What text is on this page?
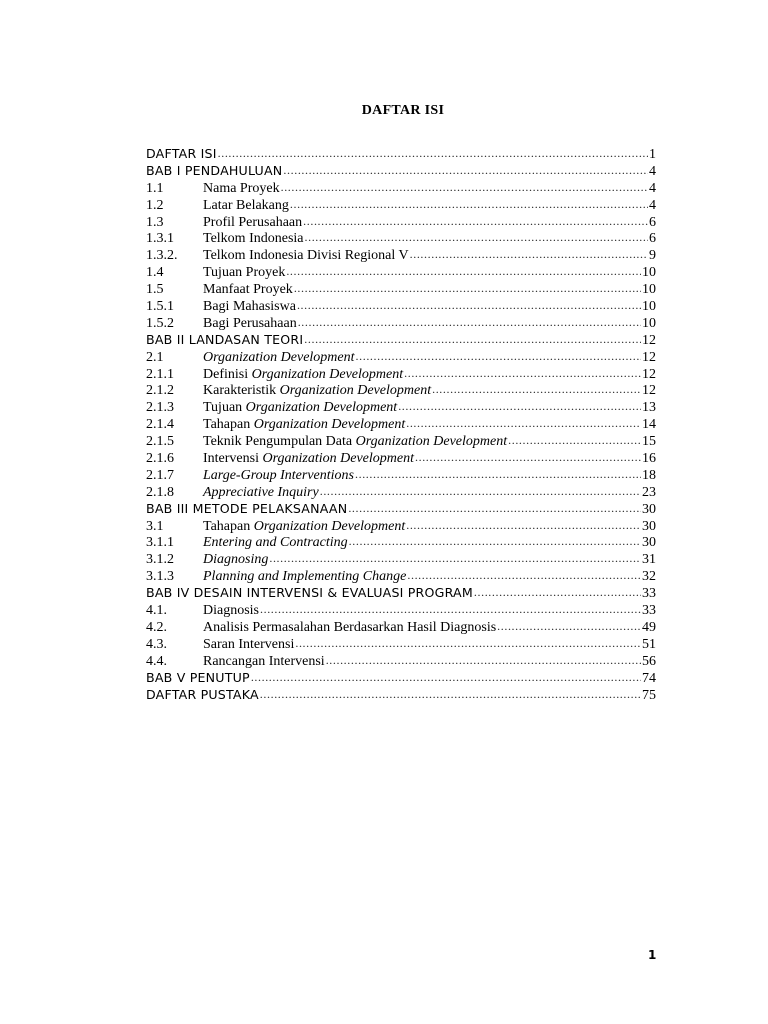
DAFTAR ISI
DAFTAR ISI .....	1
BAB I PENDAHULUAN .....	4
1.1	Nama Proyek .....	4
1.2	Latar Belakang .....	4
1.3	Profil Perusahaan .....	6
1.3.1	Telkom Indonesia .....	6
1.3.2.	Telkom Indonesia Divisi Regional V .....	9
1.4	Tujuan Proyek .....	10
1.5	Manfaat Proyek .....	10
1.5.1	Bagi Mahasiswa .....	10
1.5.2	Bagi Perusahaan .....	10
BAB II LANDASAN TEORI .....	12
2.1	Organization Development .....	12
2.1.1	Definisi Organization Development .....	12
2.1.2	Karakteristik Organization Development .....	12
2.1.3	Tujuan Organization Development .....	13
2.1.4	Tahapan Organization Development .....	14
2.1.5	Teknik Pengumpulan Data Organization Development .....	15
2.1.6	Intervensi Organization Development .....	16
2.1.7	Large-Group Interventions .....	18
2.1.8	Appreciative Inquiry .....	23
BAB III METODE PELAKSANAAN .....	30
3.1	Tahapan Organization Development .....	30
3.1.1	Entering and Contracting .....	30
3.1.2	Diagnosing .....	31
3.1.3	Planning and Implementing Change .....	32
BAB IV DESAIN INTERVENSI & EVALUASI PROGRAM .....	33
4.1.	Diagnosis .....	33
4.2.	Analisis Permasalahan Berdasarkan Hasil Diagnosis .....	49
4.3.	Saran Intervensi .....	51
4.4.	Rancangan Intervensi .....	56
BAB V PENUTUP .....	74
DAFTAR PUSTAKA .....	75
1
